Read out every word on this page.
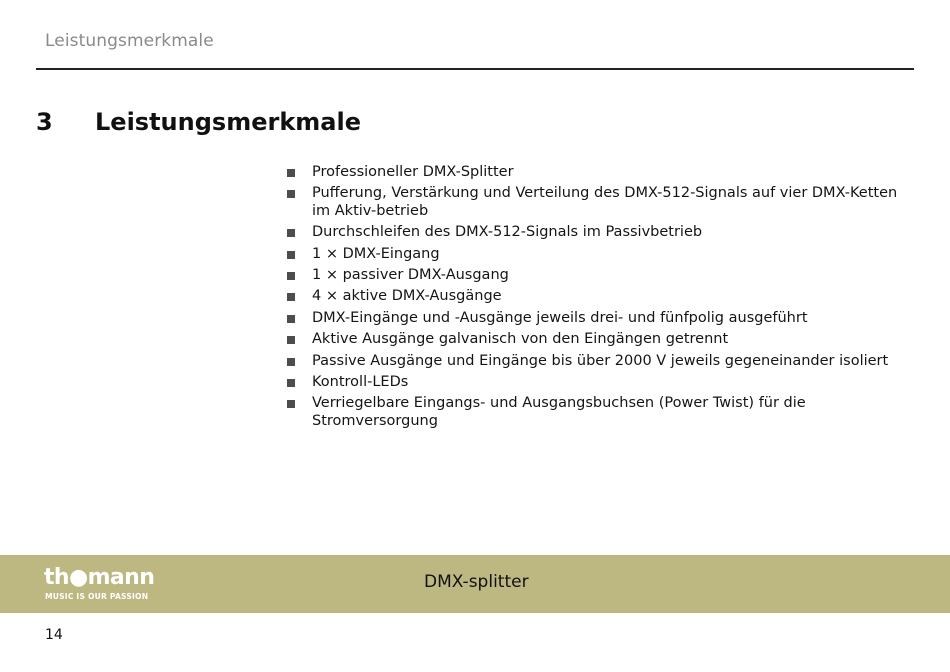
Leistungsmerkmale
3 Leistungsmerkmale
Professioneller DMX-Splitter
Pufferung, Verstärkung und Verteilung des DMX-512-Signals auf vier DMX-Ketten im Aktiv-betrieb
Durchschleifen des DMX-512-Signals im Passivbetrieb
1 × DMX-Eingang
1 × passiver DMX-Ausgang
4 × aktive DMX-Ausgänge
DMX-Eingänge und -Ausgänge jeweils drei- und fünfpolig ausgeführt
Aktive Ausgänge galvanisch von den Eingängen getrennt
Passive Ausgänge und Eingänge bis über 2000 V jeweils gegeneinander isoliert
Kontroll-LEDs
Verriegelbare Eingangs- und Ausgangsbuchsen (Power Twist) für die Stromversorgung
th●mann
MUSIC IS OUR PASSION
DMX-splitter
14
